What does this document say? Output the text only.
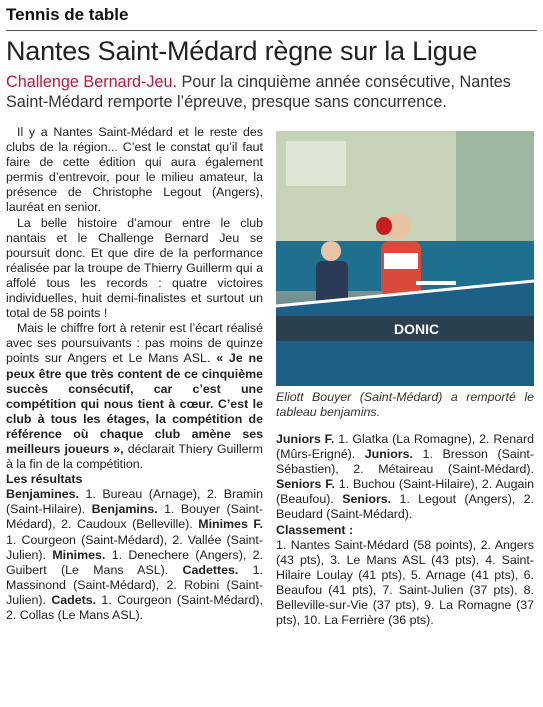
Tennis de table
Nantes Saint-Médard règne sur la Ligue
Challenge Bernard-Jeu. Pour la cinquième année consécutive, Nantes Saint-Médard remporte l’épreuve, presque sans concurrence.

Il y a Nantes Saint-Médard et le reste des clubs de la région... C’est le constat qu’il faut faire de cette édition qui aura également permis d’entrevoir, pour le milieu amateur, la présence de Christophe Legout (Angers), lauréat en senior.

La belle histoire d’amour entre le club nantais et le Challenge Bernard Jeu se poursuit donc. Et que dire de la performance réalisée par la troupe de Thierry Guillerm qui a affolé tous les records : quatre victoires individuelles, huit demi-finalistes et surtout un total de 58 points !

Mais le chiffre fort à retenir est l’écart réalisé avec ses poursuivants : pas moins de quinze points sur Angers et Le Mans ASL. « Je ne peux être que très content de ce cinquième succès consécutif, car c’est une compétition qui nous tient à cœur. C’est le club à tous les étages, la compétition de référence où chaque club amène ses meilleurs joueurs », déclarait Thiery Guillerm à la fin de la compétition.

Les résultats

Benjamines. 1. Bureau (Arnage), 2. Bramin (Saint-Hilaire). Benjamins. 1. Bouyer (Saint-Médard), 2. Caudoux (Belleville). Minimes F. 1. Courgeon (Saint-Médard), 2. Vallée (Saint-Julien). Minimes. 1. Denechere (Angers), 2. Guibert (Le Mans ASL). Cadettes. 1. Massinond (Saint-Médard), 2. Robini (Saint-Julien). Cadets. 1. Courgeon (Saint-Médard), 2. Collas (Le Mans ASL).

DONIC
Quentin Lajeunesse
Eliott Bouyer (Saint-Médard) a remporté le tableau benjamins.

Juniors F. 1. Glatka (La Romagne), 2. Renard (Mûrs-Erigné). Juniors. 1. Bresson (Saint-Sébastien), 2. Métaireau (Saint-Médard). Seniors F. 1. Buchou (Saint-Hilaire), 2. Augain (Beaufou). Seniors. 1. Legout (Angers), 2. Beudard (Saint-Médard).

Classement :

1. Nantes Saint-Médard (58 points), 2. Angers (43 pts), 3. Le Mans ASL (43 pts), 4. Saint-Hilaire Loulay (41 pts), 5. Arnage (41 pts), 6. Beaufou (41 pts), 7. Saint-Julien (37 pts), 8. Belleville-sur-Vie (37 pts), 9. La Romagne (37 pts), 10. La Ferrière (36 pts).
